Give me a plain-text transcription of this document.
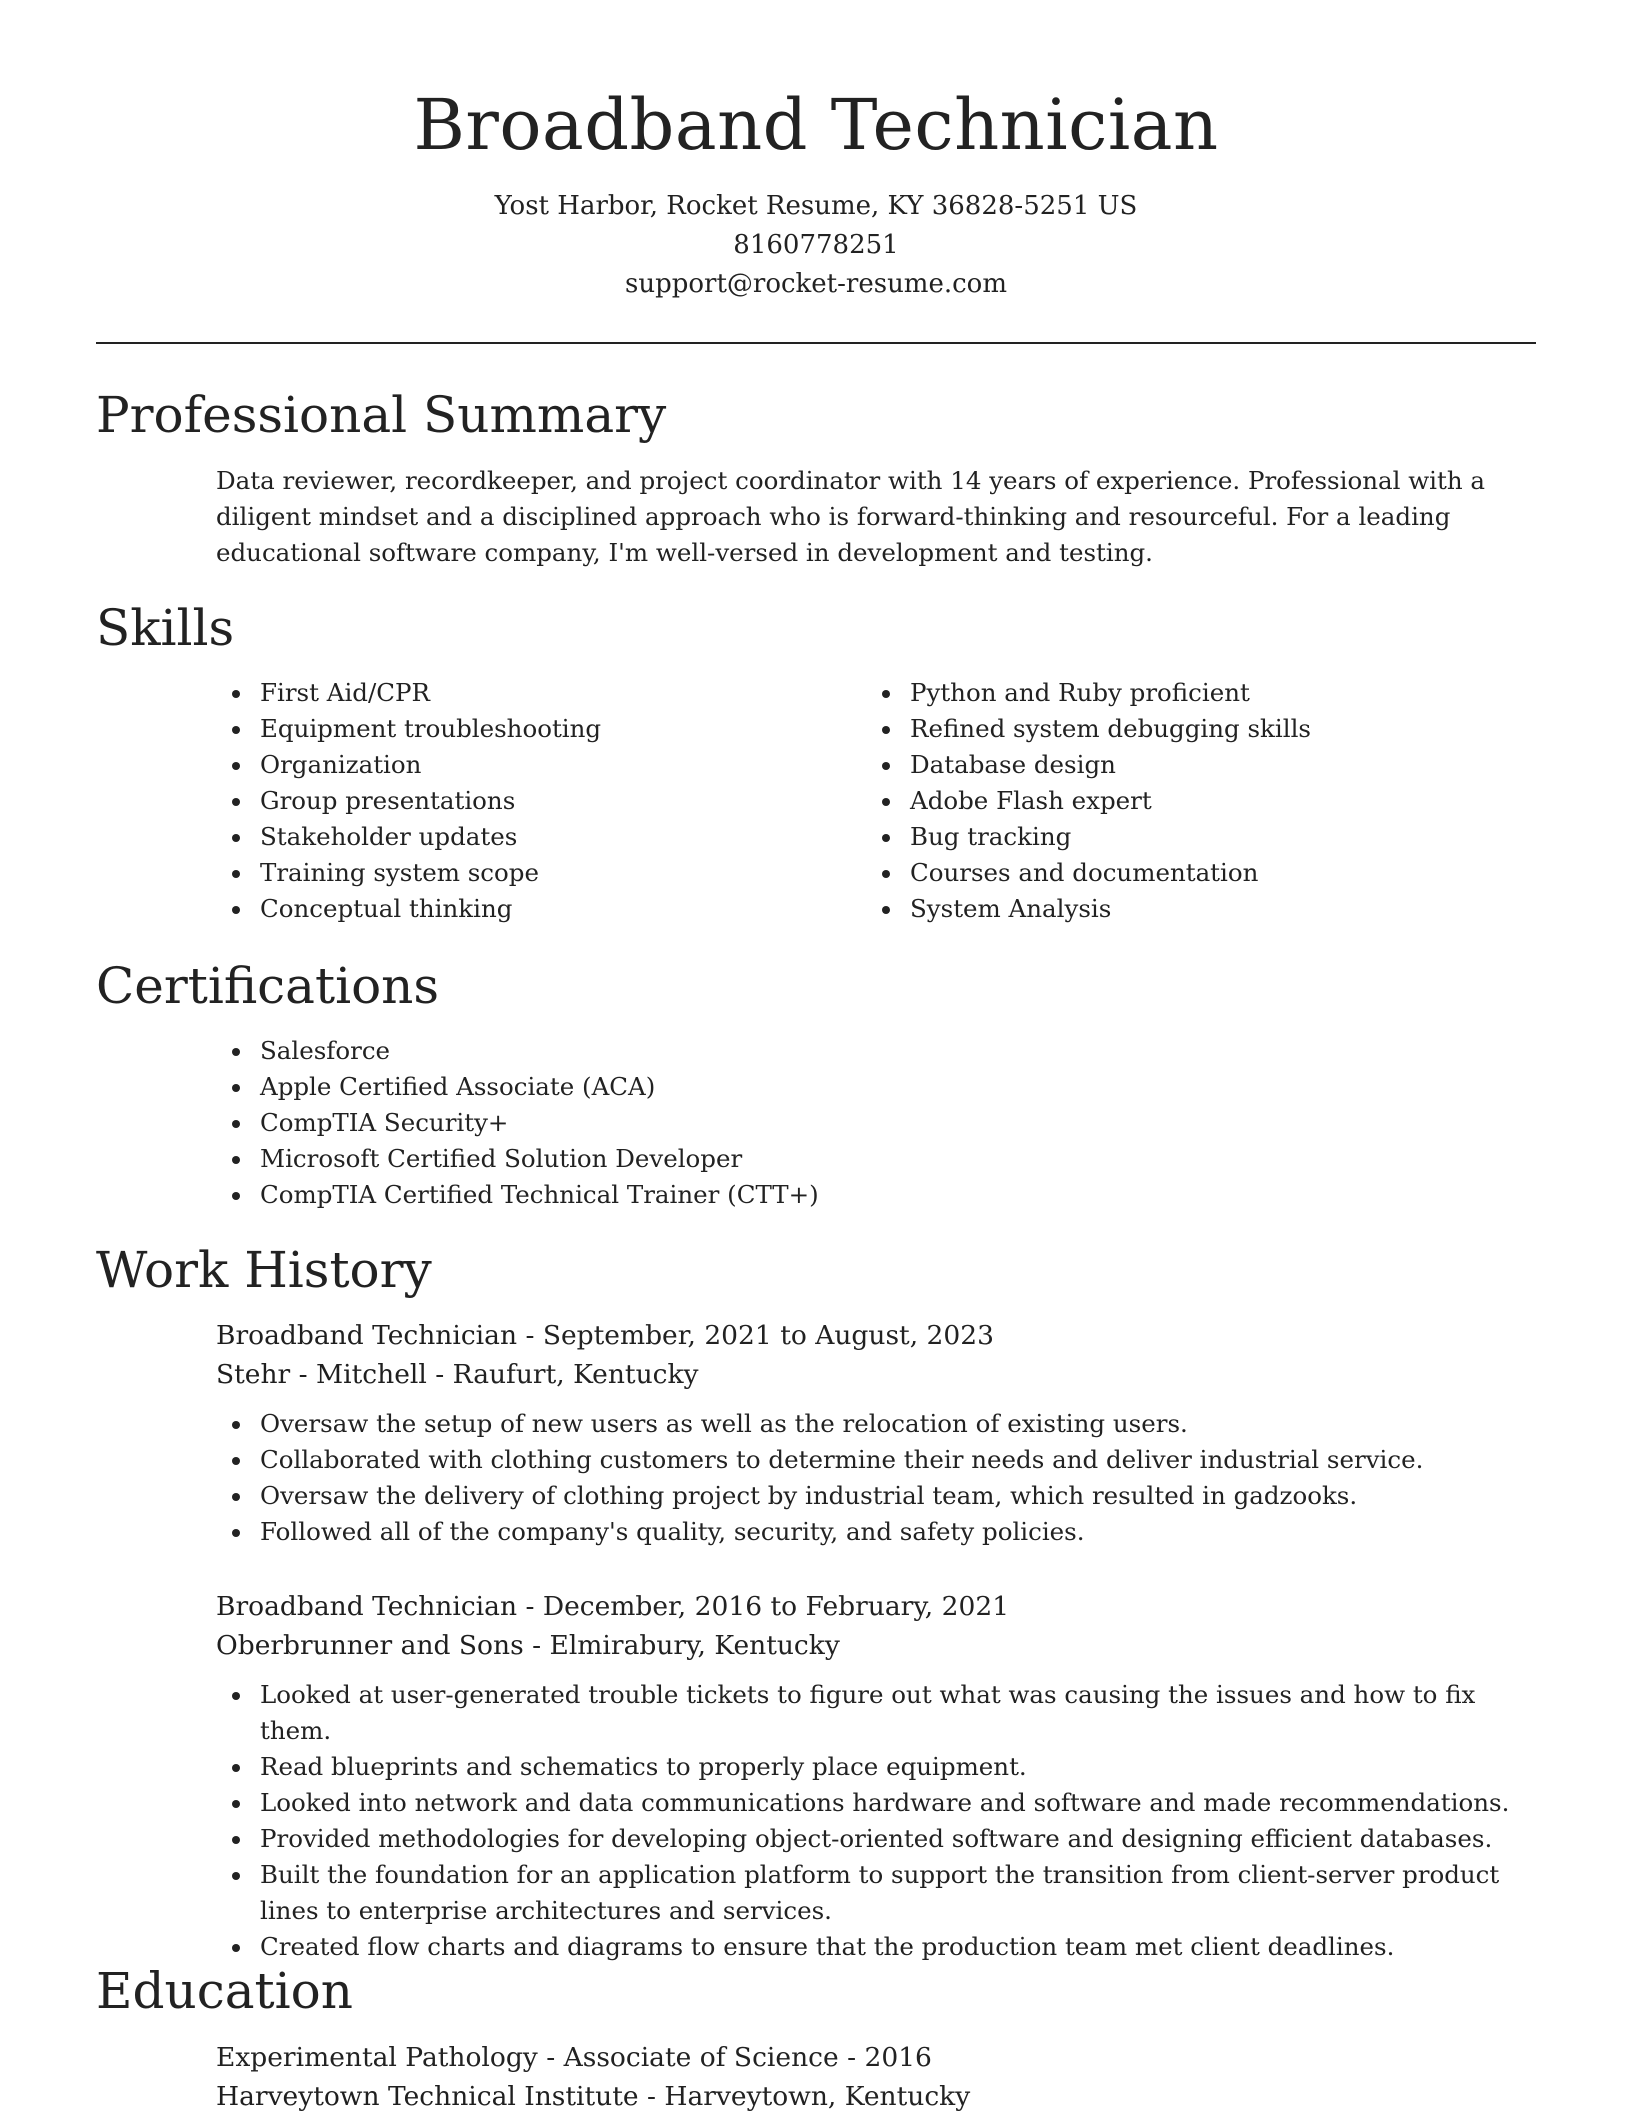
Broadband Technician

Yost Harbor, Rocket Resume, KY 36828-5251 US

8160778251

support@rocket-resume.com

Professional Summary

Data reviewer, recordkeeper, and project coordinator with 14 years of experience. Professional with a diligent mindset and a disciplined approach who is forward-thinking and resourceful. For a leading educational software company, I'm well-versed in development and testing.

Skills
First Aid/CPR
Equipment troubleshooting
Organization
Group presentations
Stakeholder updates
Training system scope
Conceptual thinking
Python and Ruby proficient
Refined system debugging skills
Database design
Adobe Flash expert
Bug tracking
Courses and documentation
System Analysis
Certifications
Salesforce
Apple Certified Associate (ACA)
CompTIA Security+
Microsoft Certified Solution Developer
CompTIA Certified Technical Trainer (CTT+)
Work History

Broadband Technician - September, 2021 to August, 2023

Stehr - Mitchell - Raufurt, Kentucky

Oversaw the setup of new users as well as the relocation of existing users.
Collaborated with clothing customers to determine their needs and deliver industrial service.
Oversaw the delivery of clothing project by industrial team, which resulted in gadzooks.
Followed all of the company's quality, security, and safety policies.

Broadband Technician - December, 2016 to February, 2021

Oberbrunner and Sons - Elmirabury, Kentucky

Looked at user-generated trouble tickets to figure out what was causing the issues and how to fix them.
Read blueprints and schematics to properly place equipment.
Looked into network and data communications hardware and software and made recommendations.
Provided methodologies for developing object-oriented software and designing efficient databases.
Built the foundation for an application platform to support the transition from client-server product lines to enterprise architectures and services.
Created flow charts and diagrams to ensure that the production team met client deadlines.
Education

Experimental Pathology - Associate of Science - 2016

Harveytown Technical Institute - Harveytown, Kentucky
